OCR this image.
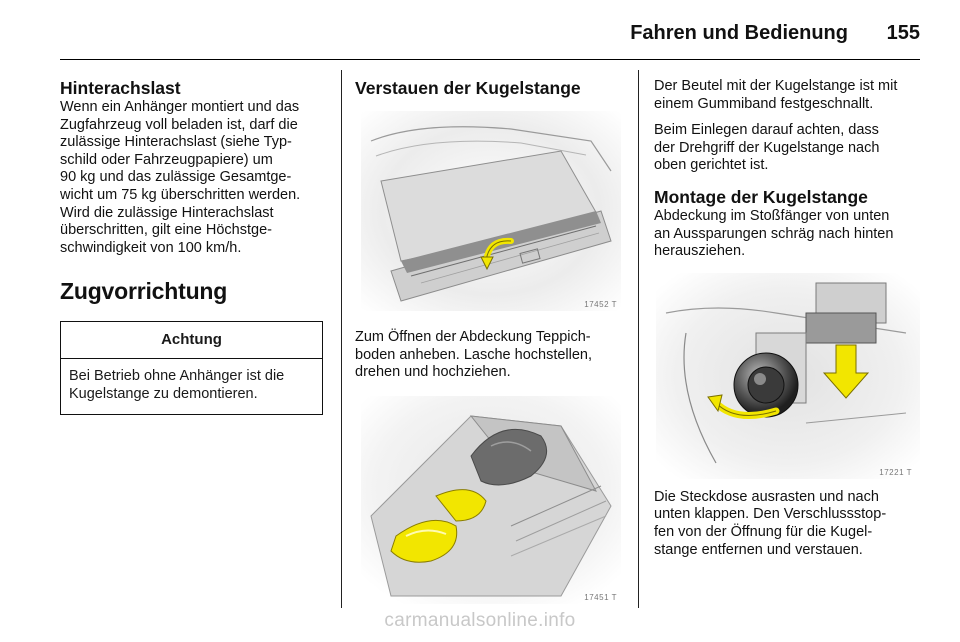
Fahren und Bedienung 155
Hinterachslast
Wenn ein Anhänger montiert und das
Zugfahrzeug voll beladen ist, darf die
zulässige Hinterachslast (siehe Typ-
schild oder Fahrzeugpapiere) um
90 kg und das zulässige Gesamtge-
wicht um 75 kg überschritten werden.
Wird die zulässige Hinterachslast
überschritten, gilt eine Höchstge-
schwindigkeit von 100 km/h.
Zugvorrichtung
Achtung
Bei Betrieb ohne Anhänger ist die
Kugelstange zu demontieren.
Verstauen der Kugelstange
17452 T
Zum Öffnen der Abdeckung Teppich-
boden anheben. Lasche hochstellen,
drehen und hochziehen.
17451 T
Der Beutel mit der Kugelstange ist mit
einem Gummiband festgeschnallt.
Beim Einlegen darauf achten, dass
der Drehgriff der Kugelstange nach
oben gerichtet ist.
Montage der Kugelstange
Abdeckung im Stoßfänger von unten
an Aussparungen schräg nach hinten
herausziehen.
17221 T
Die Steckdose ausrasten und nach
unten klappen. Den Verschlussstop-
fen von der Öffnung für die Kugel-
stange entfernen und verstauen.
carmanualsonline.info
